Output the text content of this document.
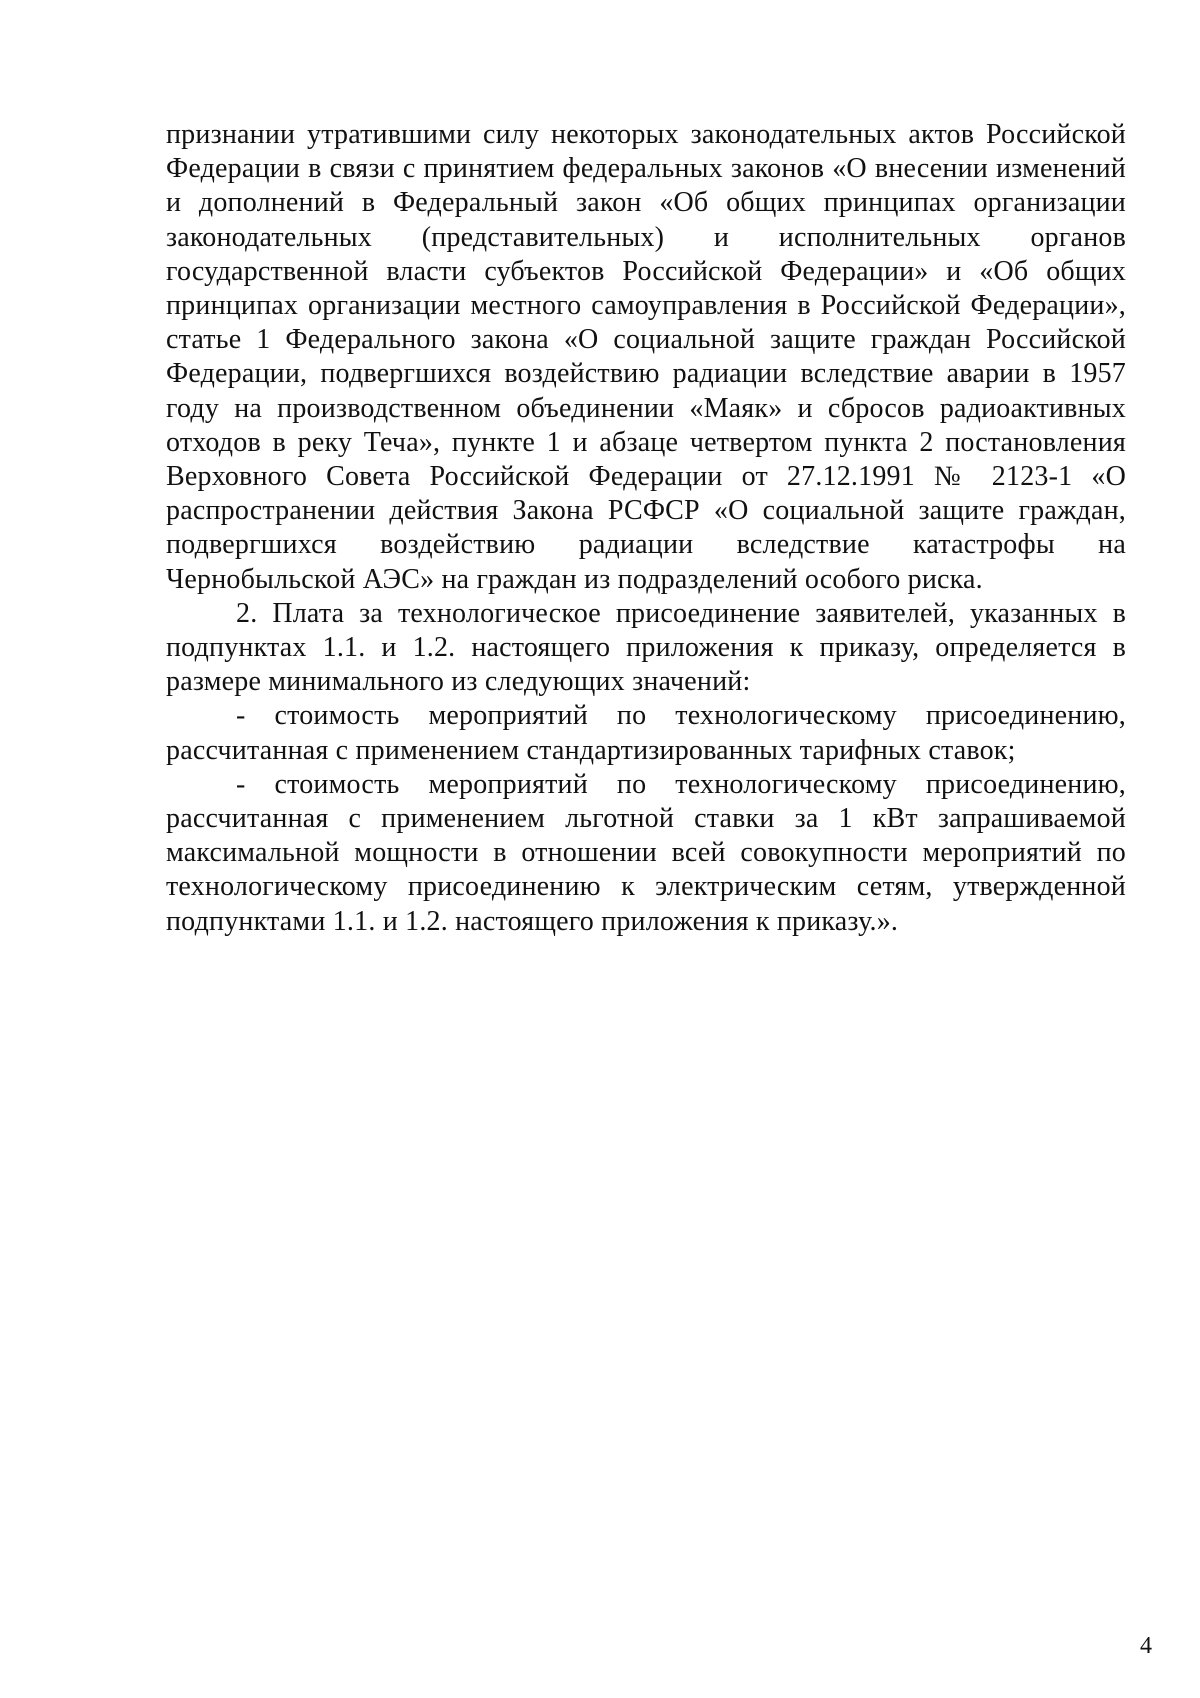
признании утратившими силу некоторых законодательных актов Российской Федерации в связи с принятием федеральных законов «О внесении изменений и дополнений в Федеральный закон «Об общих принципах организации законодательных (представительных) и исполнительных органов государственной власти субъектов Российской Федерации» и «Об общих принципах организации местного самоуправления в Российской Федерации», статье 1 Федерального закона «О социальной защите граждан Российской Федерации, подвергшихся воздействию радиации вследствие аварии в 1957 году на производственном объединении «Маяк» и сбросов радиоактивных отходов в реку Теча», пункте 1 и абзаце четвертом пункта 2 постановления Верховного Совета Российской Федерации от 27.12.1991 № 2123-1 «О распространении действия Закона РСФСР «О социальной защите граждан, подвергшихся воздействию радиации вследствие катастрофы на Чернобыльской АЭС» на граждан из подразделений особого риска.

2. Плата за технологическое присоединение заявителей, указанных в подпунктах 1.1. и 1.2. настоящего приложения к приказу, определяется в размере минимального из следующих значений:

- стоимость мероприятий по технологическому присоединению, рассчитанная с применением стандартизированных тарифных ставок;

- стоимость мероприятий по технологическому присоединению, рассчитанная с применением льготной ставки за 1 кВт запрашиваемой максимальной мощности в отношении всей совокупности мероприятий по технологическому присоединению к электрическим сетям, утвержденной подпунктами 1.1. и 1.2. настоящего приложения к приказу.».

4
